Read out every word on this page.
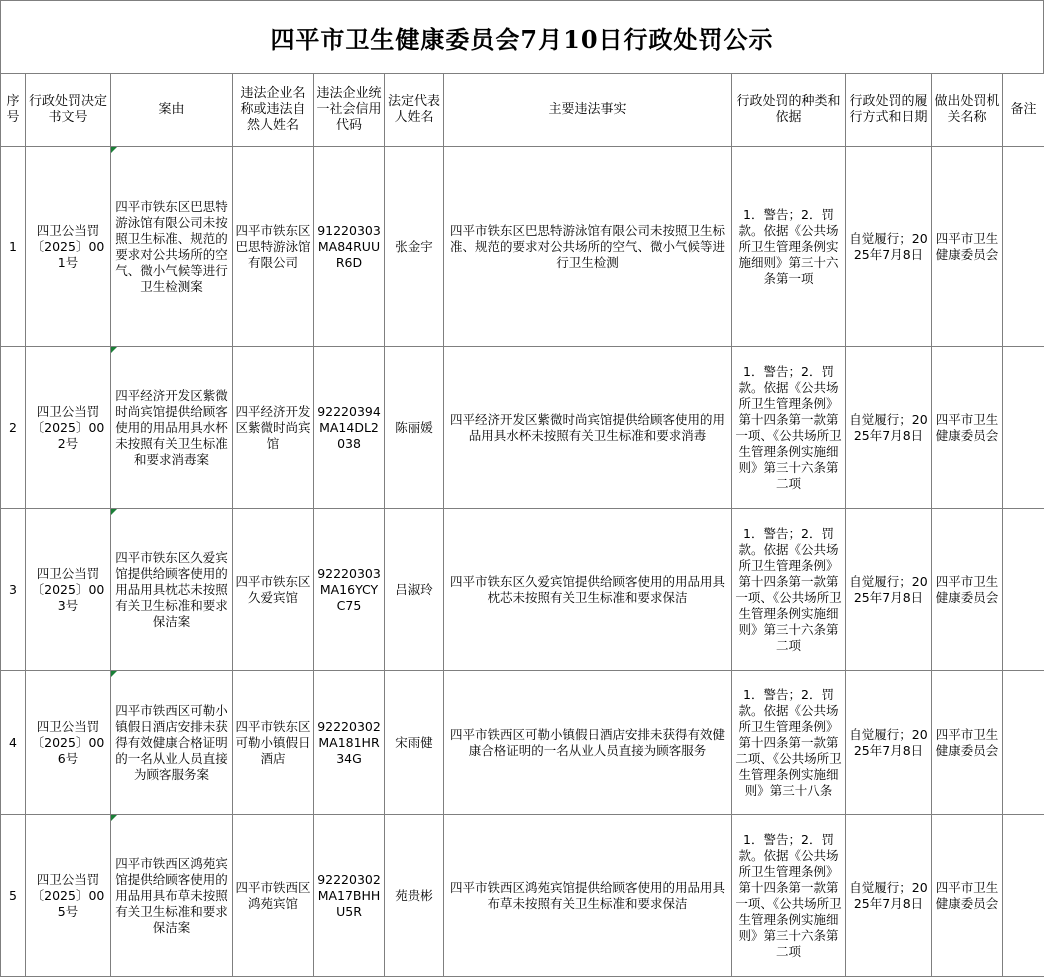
四平市卫生健康委员会7月10日行政处罚公示
序号	行政处罚决定书文号	案由	违法企业名称或违法自然人姓名	违法企业统一社会信用代码	法定代表人姓名	主要违法事实	行政处罚的种类和依据	行政处罚的履行方式和日期	做出处罚机关名称	备注
1	四卫公当罚〔2025〕001号	四平市铁东区巴思特游泳馆有限公司未按照卫生标准、规范的要求对公共场所的空气、微小气候等进行卫生检测案	四平市铁东区巴思特游泳馆有限公司	91220303MA84RUUR6D	张金宇	四平市铁东区巴思特游泳馆有限公司未按照卫生标准、规范的要求对公共场所的空气、微小气候等进行卫生检测	1．警告；2．罚款。依据《公共场所卫生管理条例实施细则》第三十六条第一项	自觉履行；2025年7月8日	四平市卫生健康委员会	
2	四卫公当罚〔2025〕002号	四平经济开发区紫微时尚宾馆提供给顾客使用的用品用具水杯未按照有关卫生标准和要求消毒案	四平经济开发区紫微时尚宾馆	92220394MA14DL2038	陈丽媛	四平经济开发区紫微时尚宾馆提供给顾客使用的用品用具水杯未按照有关卫生标准和要求消毒	1．警告；2．罚款。依据《公共场所卫生管理条例》第十四条第一款第一项、《公共场所卫生管理条例实施细则》第三十六条第二项	自觉履行；2025年7月8日	四平市卫生健康委员会	
3	四卫公当罚〔2025〕003号	四平市铁东区久爱宾馆提供给顾客使用的用品用具枕芯未按照有关卫生标准和要求保洁案	四平市铁东区久爱宾馆	92220303MA16YCYC75	吕淑玲	四平市铁东区久爱宾馆提供给顾客使用的用品用具枕芯未按照有关卫生标准和要求保洁	1．警告；2．罚款。依据《公共场所卫生管理条例》第十四条第一款第一项、《公共场所卫生管理条例实施细则》第三十六条第二项	自觉履行；2025年7月8日	四平市卫生健康委员会	
4	四卫公当罚〔2025〕006号	四平市铁西区可勒小镇假日酒店安排未获得有效健康合格证明的一名从业人员直接为顾客服务案	四平市铁东区可勒小镇假日酒店	92220302MA181HR34G	宋雨健	四平市铁西区可勒小镇假日酒店安排未获得有效健康合格证明的一名从业人员直接为顾客服务	1．警告；2．罚款。依据《公共场所卫生管理条例》第十四条第一款第二项、《公共场所卫生管理条例实施细则》第三十八条	自觉履行；2025年7月8日	四平市卫生健康委员会	
5	四卫公当罚〔2025〕005号	四平市铁西区鸿苑宾馆提供给顾客使用的用品用具布草未按照有关卫生标准和要求保洁案	四平市铁西区鸿苑宾馆	92220302MA17BHHU5R	苑贵彬	四平市铁西区鸿苑宾馆提供给顾客使用的用品用具布草未按照有关卫生标准和要求保洁	1．警告；2．罚款。依据《公共场所卫生管理条例》第十四条第一款第一项、《公共场所卫生管理条例实施细则》第三十六条第二项	自觉履行；2025年7月8日	四平市卫生健康委员会	
